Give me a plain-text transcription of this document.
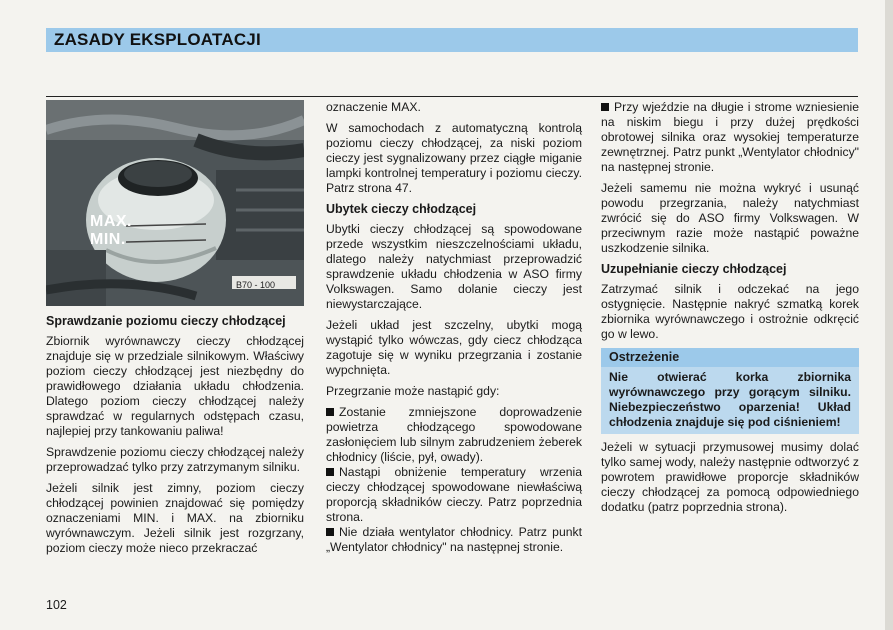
ZASADY EKSPLOATACJI
MAX.
MIN.
B70 - 100
Sprawdzanie poziomu cieczy chłodzącej

Zbiornik wyrównawczy cieczy chłodzącej znajduje się w przedziale silnikowym. Właściwy poziom cieczy chłodzącej jest niezbędny do prawidłowego działania układu chłodzenia. Dlatego poziom cieczy chłodzącej należy sprawdzać w regularnych odstępach czasu, najlepiej przy tankowaniu paliwa!

Sprawdzenie poziomu cieczy chłodzącej należy przeprowadzać tylko przy zatrzymanym silniku.

Jeżeli silnik jest zimny, poziom cieczy chłodzącej powinien znajdować się pomiędzy oznaczeniami MIN. i MAX. na zbiorniku wyrównawczym. Jeżeli silnik jest rozgrzany, poziom cieczy może nieco przekraczać

oznaczenie MAX.

W samochodach z automatyczną kontrolą poziomu cieczy chłodzącej, za niski poziom cieczy jest sygnalizowany przez ciągłe miganie lampki kontrolnej temperatury i poziomu cieczy. Patrz strona 47.

Ubytek cieczy chłodzącej

Ubytki cieczy chłodzącej są spowodowane przede wszystkim nieszczelnościami układu, dlatego należy natychmiast przeprowadzić sprawdzenie układu chłodzenia w ASO firmy Volkswagen. Samo dolanie cieczy jest niewystarczające.

Jeżeli układ jest szczelny, ubytki mogą wystąpić tylko wówczas, gdy ciecz chłodząca zagotuje się w wyniku przegrzania i zostanie wypchnięta.

Przegrzanie może nastąpić gdy:

Zostanie zmniejszone doprowadzenie powietrza chłodzącego spowodowane zasłonięciem lub silnym zabrudzeniem żeberek chłodnicy (liście, pył, owady).

Nastąpi obniżenie temperatury wrzenia cieczy chłodzącej spowodowane niewłaściwą proporcją składników cieczy. Patrz poprzednia strona.

Nie działa wentylator chłodnicy. Patrz punkt „Wentylator chłodnicy" na następnej stronie.

Przy wjeździe na długie i strome wzniesienie na niskim biegu i przy dużej prędkości obrotowej silnika oraz wysokiej temperaturze zewnętrznej. Patrz punkt „Wentylator chłodnicy" na następnej stronie.

Jeżeli samemu nie można wykryć i usunąć powodu przegrzania, należy natychmiast zwrócić się do ASO firmy Volkswagen. W przeciwnym razie może nastąpić poważne uszkodzenie silnika.

Uzupełnianie cieczy chłodzącej

Zatrzymać silnik i odczekać na jego ostygnięcie. Następnie nakryć szmatką korek zbiornika wyrównawczego i ostrożnie odkręcić go w lewo.

Ostrzeżenie
Nie otwierać korka zbiornika wyrównawczego przy gorącym silniku. Niebezpieczeństwo oparzenia! Układ chłodzenia znajduje się pod ciśnieniem!

Jeżeli w sytuacji przymusowej musimy dolać tylko samej wody, należy następnie odtworzyć z powrotem prawidłowe proporcje składników cieczy chłodzącej za pomocą odpowiedniego dodatku (patrz poprzednia strona).

102
